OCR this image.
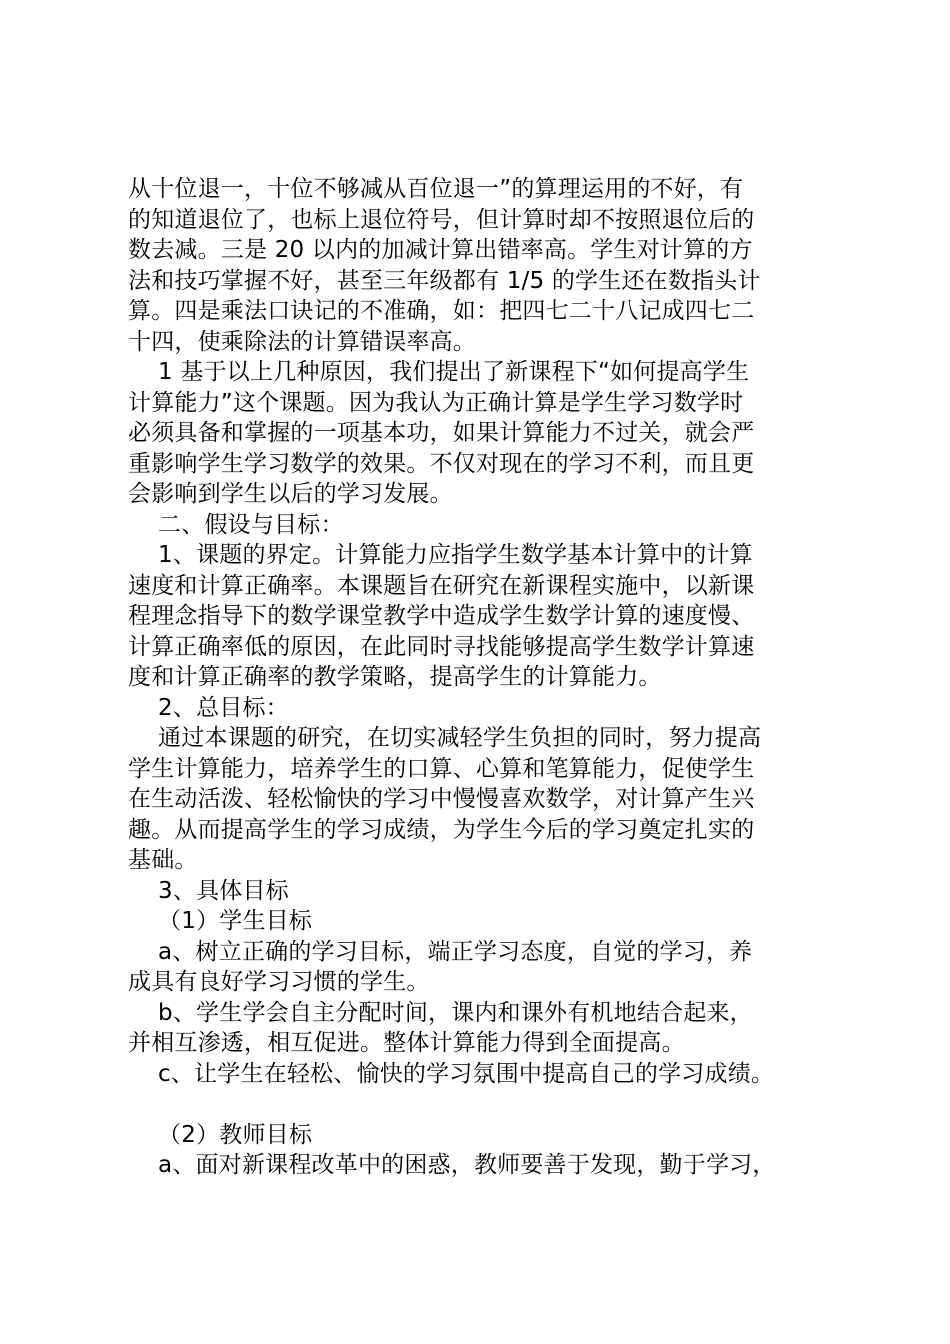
从十位退一，十位不够减从百位退一”的算理运用的不好，有
的知道退位了，也标上退位符号，但计算时却不按照退位后的
数去减。三是 20 以内的加减计算出错率高。学生对计算的方
法和技巧掌握不好，甚至三年级都有 1/5 的学生还在数指头计
算。四是乘法口诀记的不准确，如：把四七二十八记成四七二
十四，使乘除法的计算错误率高。
1 基于以上几种原因，我们提出了新课程下“如何提高学生
计算能力”这个课题。因为我认为正确计算是学生学习数学时
必须具备和掌握的一项基本功，如果计算能力不过关，就会严
重影响学生学习数学的效果。不仅对现在的学习不利，而且更
会影响到学生以后的学习发展。
二、假设与目标：
1、课题的界定。计算能力应指学生数学基本计算中的计算
速度和计算正确率。本课题旨在研究在新课程实施中，以新课
程理念指导下的数学课堂教学中造成学生数学计算的速度慢、
计算正确率低的原因，在此同时寻找能够提高学生数学计算速
度和计算正确率的教学策略，提高学生的计算能力。
2、总目标：
通过本课题的研究，在切实减轻学生负担的同时，努力提高
学生计算能力，培养学生的口算、心算和笔算能力，促使学生
在生动活泼、轻松愉快的学习中慢慢喜欢数学，对计算产生兴
趣。从而提高学生的学习成绩，为学生今后的学习奠定扎实的
基础。
3、具体目标
（1）学生目标
a、树立正确的学习目标，端正学习态度，自觉的学习，养
成具有良好学习习惯的学生。
b、学生学会自主分配时间，课内和课外有机地结合起来，
并相互渗透，相互促进。整体计算能力得到全面提高。
c、让学生在轻松、愉快的学习氛围中提高自己的学习成绩。
（2）教师目标
a、面对新课程改革中的困惑，教师要善于发现，勤于学习，
